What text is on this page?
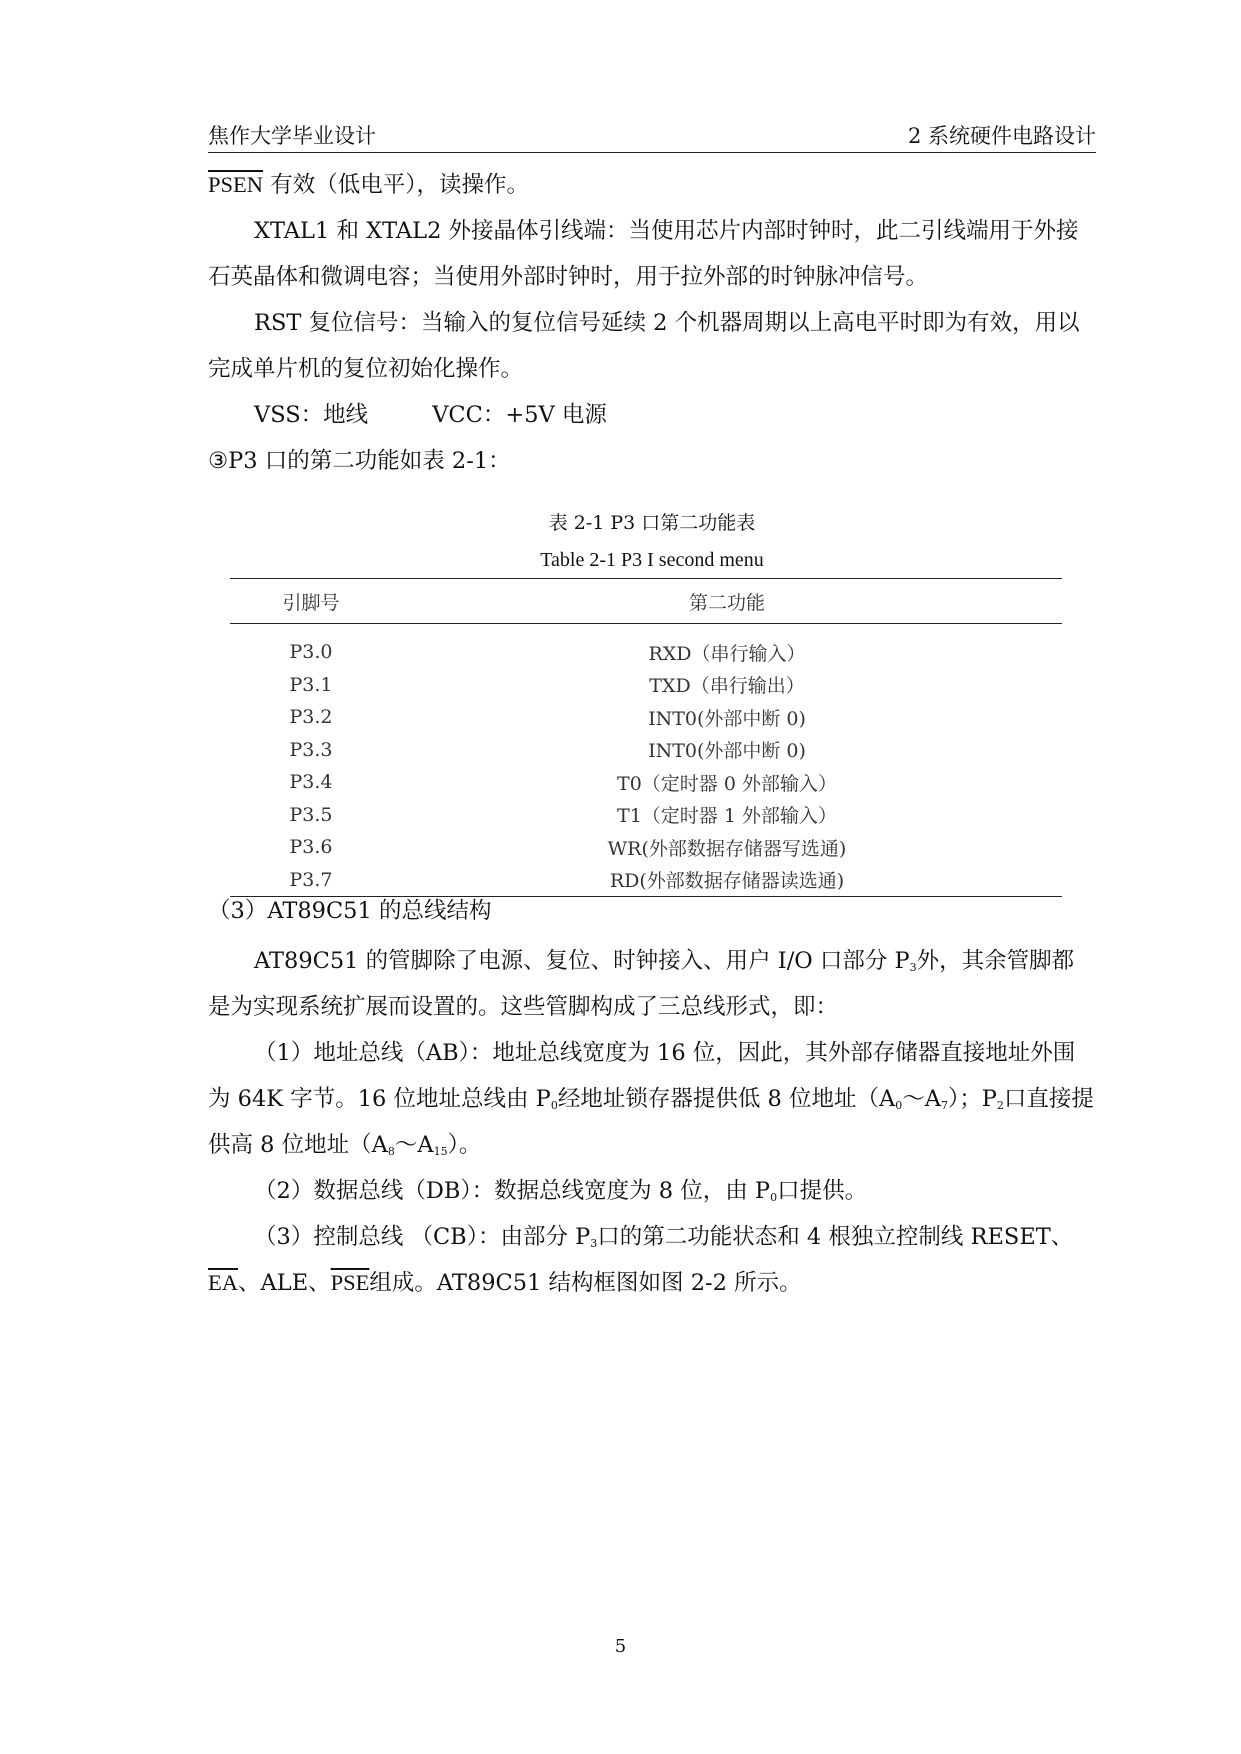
焦作大学毕业设计	2 系统硬件电路设计

PSEN 有效（低电平），读操作。

XTAL1 和 XTAL2 外接晶体引线端：当使用芯片内部时钟时，此二引线端用于外接石英晶体和微调电容；当使用外部时钟时，用于拉外部的时钟脉冲信号。

RST 复位信号：当输入的复位信号延续 2 个机器周期以上高电平时即为有效，用以完成单片机的复位初始化操作。

VSS：地线	VCC：+5V 电源

③P3 口的第二功能如表 2-1：

表 2-1 P3 口第二功能表
Table 2-1 P3 I second menu
引脚号	第二功能
P3.0	RXD（串行输入）
P3.1	TXD（串行输出）
P3.2	INT0(外部中断 0)
P3.3	INT0(外部中断 0)
P3.4	T0（定时器 0 外部输入）
P3.5	T1（定时器 1 外部输入）
P3.6	WR(外部数据存储器写选通)
P3.7	RD(外部数据存储器读选通)

（3）AT89C51 的总线结构

AT89C51 的管脚除了电源、复位、时钟接入、用户 I/O 口部分 $P_3$外，其余管脚都是为实现系统扩展而设置的。这些管脚构成了三总线形式，即：

（1）地址总线（AB）：地址总线宽度为 16 位，因此，其外部存储器直接地址外围为 64K 字节。16 位地址总线由 $P_0$经地址锁存器提供低 8 位地址$(A_0\sim A_7)$；$P_2$口直接提供高 8 位地址$(A_8\sim A_{15})$。

（2）数据总线（DB）：数据总线宽度为 8 位，由 $P_0$口提供。

（3）控制总线 （CB）：由部分 $P_3$口的第二功能状态和 4 根独立控制线 RESET、$\overline{EA}$、ALE、$\overline{PSE}$组成。AT89C51 结构框图如图 2-2 所示。

5
